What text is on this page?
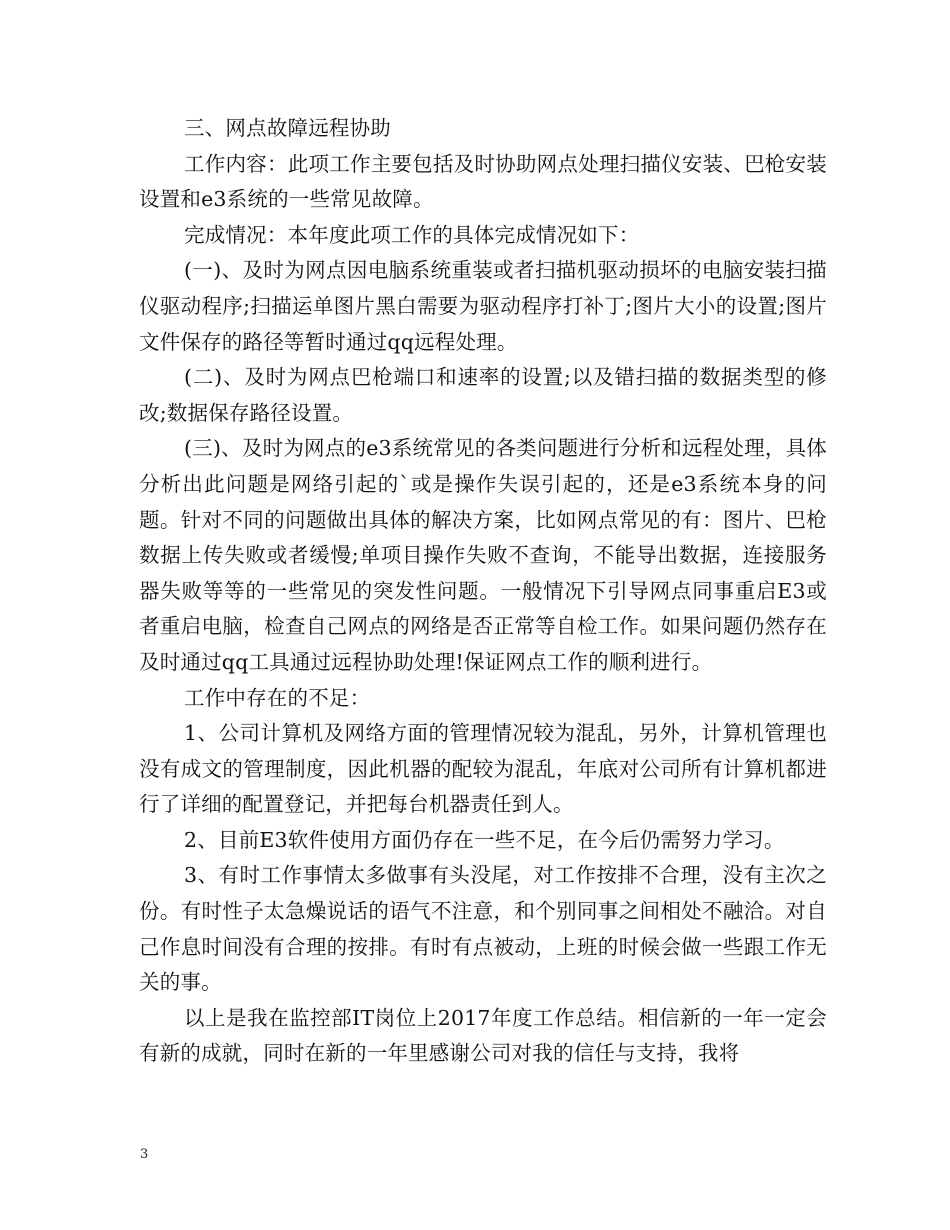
三、网点故障远程协助

工作内容：此项工作主要包括及时协助网点处理扫描仪安装、巴枪安装设置和e3系统的一些常见故障。

完成情况：本年度此项工作的具体完成情况如下：

(一)、及时为网点因电脑系统重装或者扫描机驱动损坏的电脑安装扫描仪驱动程序;扫描运单图片黑白需要为驱动程序打补丁;图片大小的设置;图片文件保存的路径等暂时通过qq远程处理。

(二)、及时为网点巴枪端口和速率的设置;以及错扫描的数据类型的修改;数据保存路径设置。

(三)、及时为网点的e3系统常见的各类问题进行分析和远程处理，具体分析出此问题是网络引起的`或是操作失误引起的，还是e3系统本身的问题。针对不同的问题做出具体的解决方案，比如网点常见的有：图片、巴枪数据上传失败或者缓慢;单项目操作失败不查询，不能导出数据，连接服务器失败等等的一些常见的突发性问题。一般情况下引导网点同事重启E3或者重启电脑，检查自己网点的网络是否正常等自检工作。如果问题仍然存在及时通过qq工具通过远程协助处理!保证网点工作的顺利进行。

工作中存在的不足：

1、公司计算机及网络方面的管理情况较为混乱，另外，计算机管理也没有成文的管理制度，因此机器的配较为混乱，年底对公司所有计算机都进行了详细的配置登记，并把每台机器责任到人。

2、目前E3软件使用方面仍存在一些不足，在今后仍需努力学习。

3、有时工作事情太多做事有头没尾，对工作按排不合理，没有主次之份。有时性子太急燥说话的语气不注意，和个别同事之间相处不融洽。对自己作息时间没有合理的按排。有时有点被动，上班的时候会做一些跟工作无关的事。

以上是我在监控部IT岗位上2017年度工作总结。相信新的一年一定会有新的成就，同时在新的一年里感谢公司对我的信任与支持，我将

3
